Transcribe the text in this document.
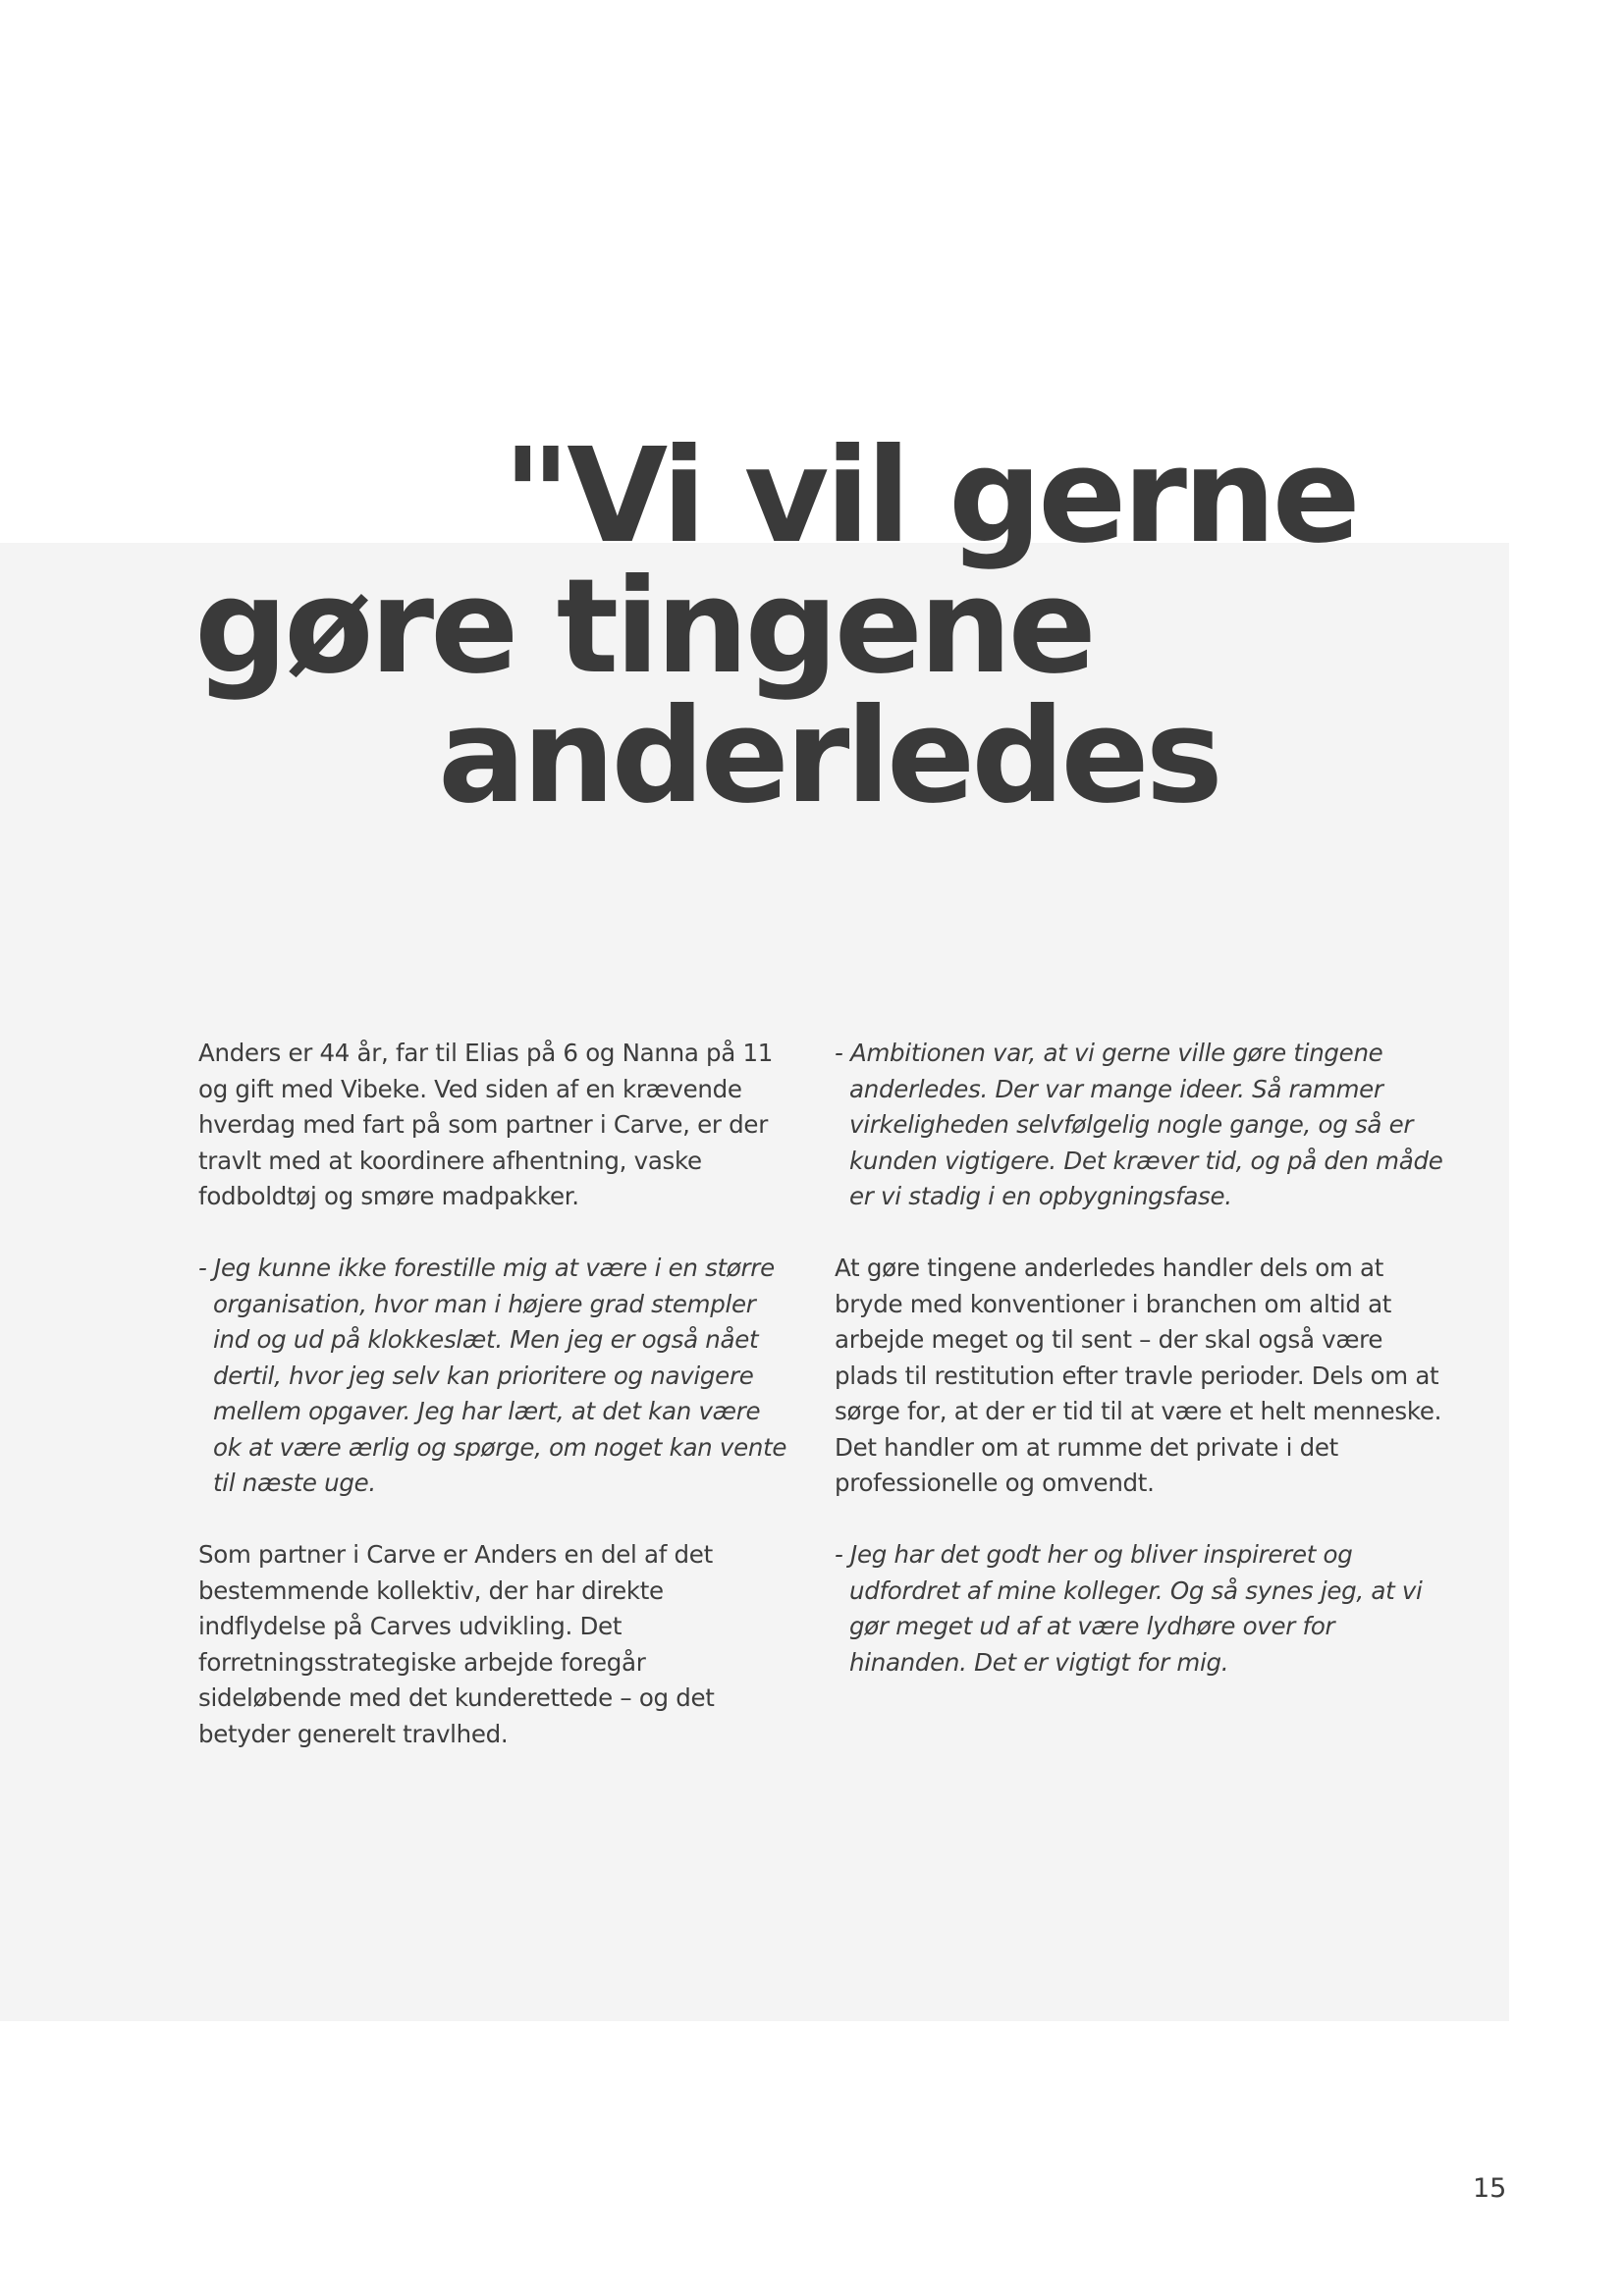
"Vi vil gerne
gøre tingene
anderledes

Anders er 44 år, far til Elias på 6 og Nanna på 11 og gift med Vibeke. Ved siden af en krævende hverdag med fart på som partner i Carve, er der travlt med at koordinere afhentning, vaske fodboldtøj og smøre madpakker.

- Jeg kunne ikke forestille mig at være i en større organisation, hvor man i højere grad stempler ind og ud på klokkeslæt. Men jeg er også nået dertil, hvor jeg selv kan prioritere og navigere mellem opgaver. Jeg har lært, at det kan være ok at være ærlig og spørge, om noget kan vente til næste uge.

Som partner i Carve er Anders en del af det bestemmende kollektiv, der har direkte indflydelse på Carves udvikling. Det forretningsstrategiske arbejde foregår sideløbende med det kunderettede – og det betyder generelt travlhed.

- Ambitionen var, at vi gerne ville gøre tingene anderledes. Der var mange ideer. Så rammer virkeligheden selvfølgelig nogle gange, og så er kunden vigtigere. Det kræver tid, og på den måde er vi stadig i en opbygningsfase.

At gøre tingene anderledes handler dels om at bryde med konventioner i branchen om altid at arbejde meget og til sent – der skal også være plads til restitution efter travle perioder. Dels om at sørge for, at der er tid til at være et helt menneske. Det handler om at rumme det private i det professionelle og omvendt.

- Jeg har det godt her og bliver inspireret og udfordret af mine kolleger. Og så synes jeg, at vi gør meget ud af at være lydhøre over for hinanden. Det er vigtigt for mig.

15
